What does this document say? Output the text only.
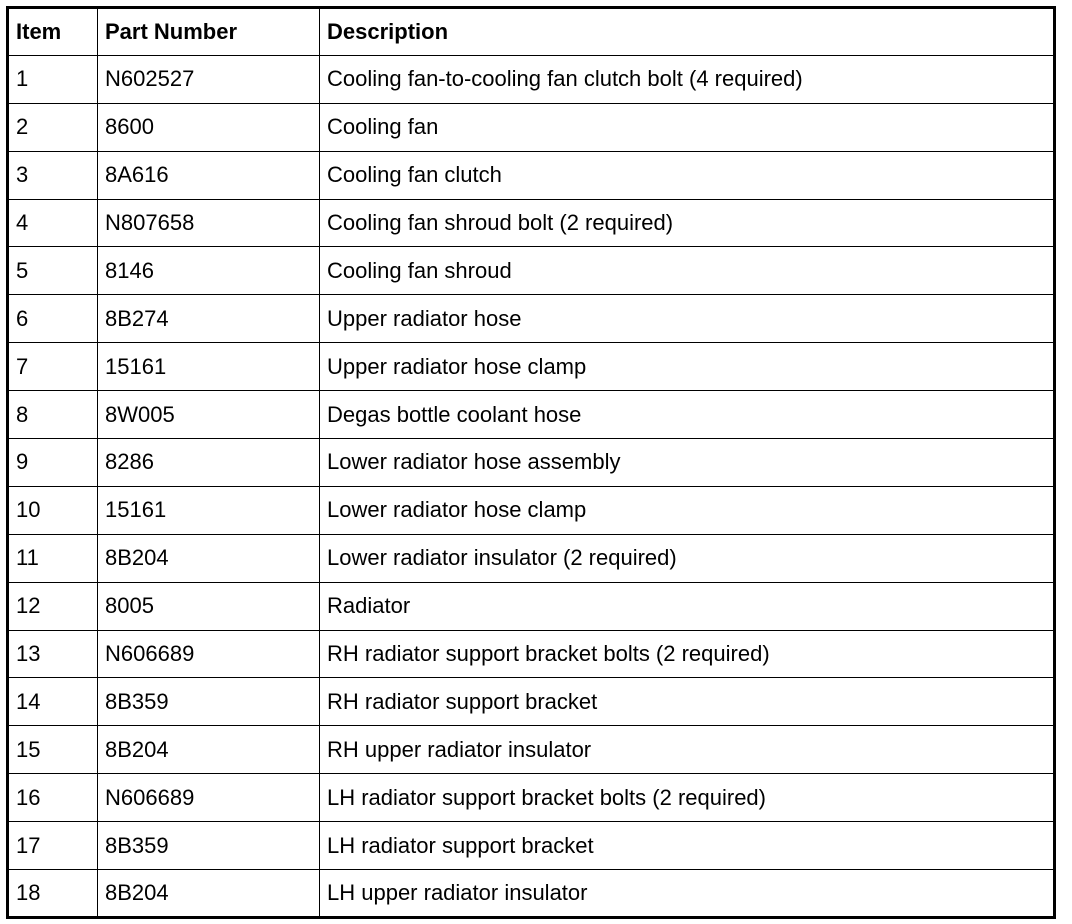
Item	Part Number	Description
1	N602527	Cooling fan-to-cooling fan clutch bolt (4 required)
2	8600	Cooling fan
3	8A616	Cooling fan clutch
4	N807658	Cooling fan shroud bolt (2 required)
5	8146	Cooling fan shroud
6	8B274	Upper radiator hose
7	15161	Upper radiator hose clamp
8	8W005	Degas bottle coolant hose
9	8286	Lower radiator hose assembly
10	15161	Lower radiator hose clamp
11	8B204	Lower radiator insulator (2 required)
12	8005	Radiator
13	N606689	RH radiator support bracket bolts (2 required)
14	8B359	RH radiator support bracket
15	8B204	RH upper radiator insulator
16	N606689	LH radiator support bracket bolts (2 required)
17	8B359	LH radiator support bracket
18	8B204	LH upper radiator insulator
